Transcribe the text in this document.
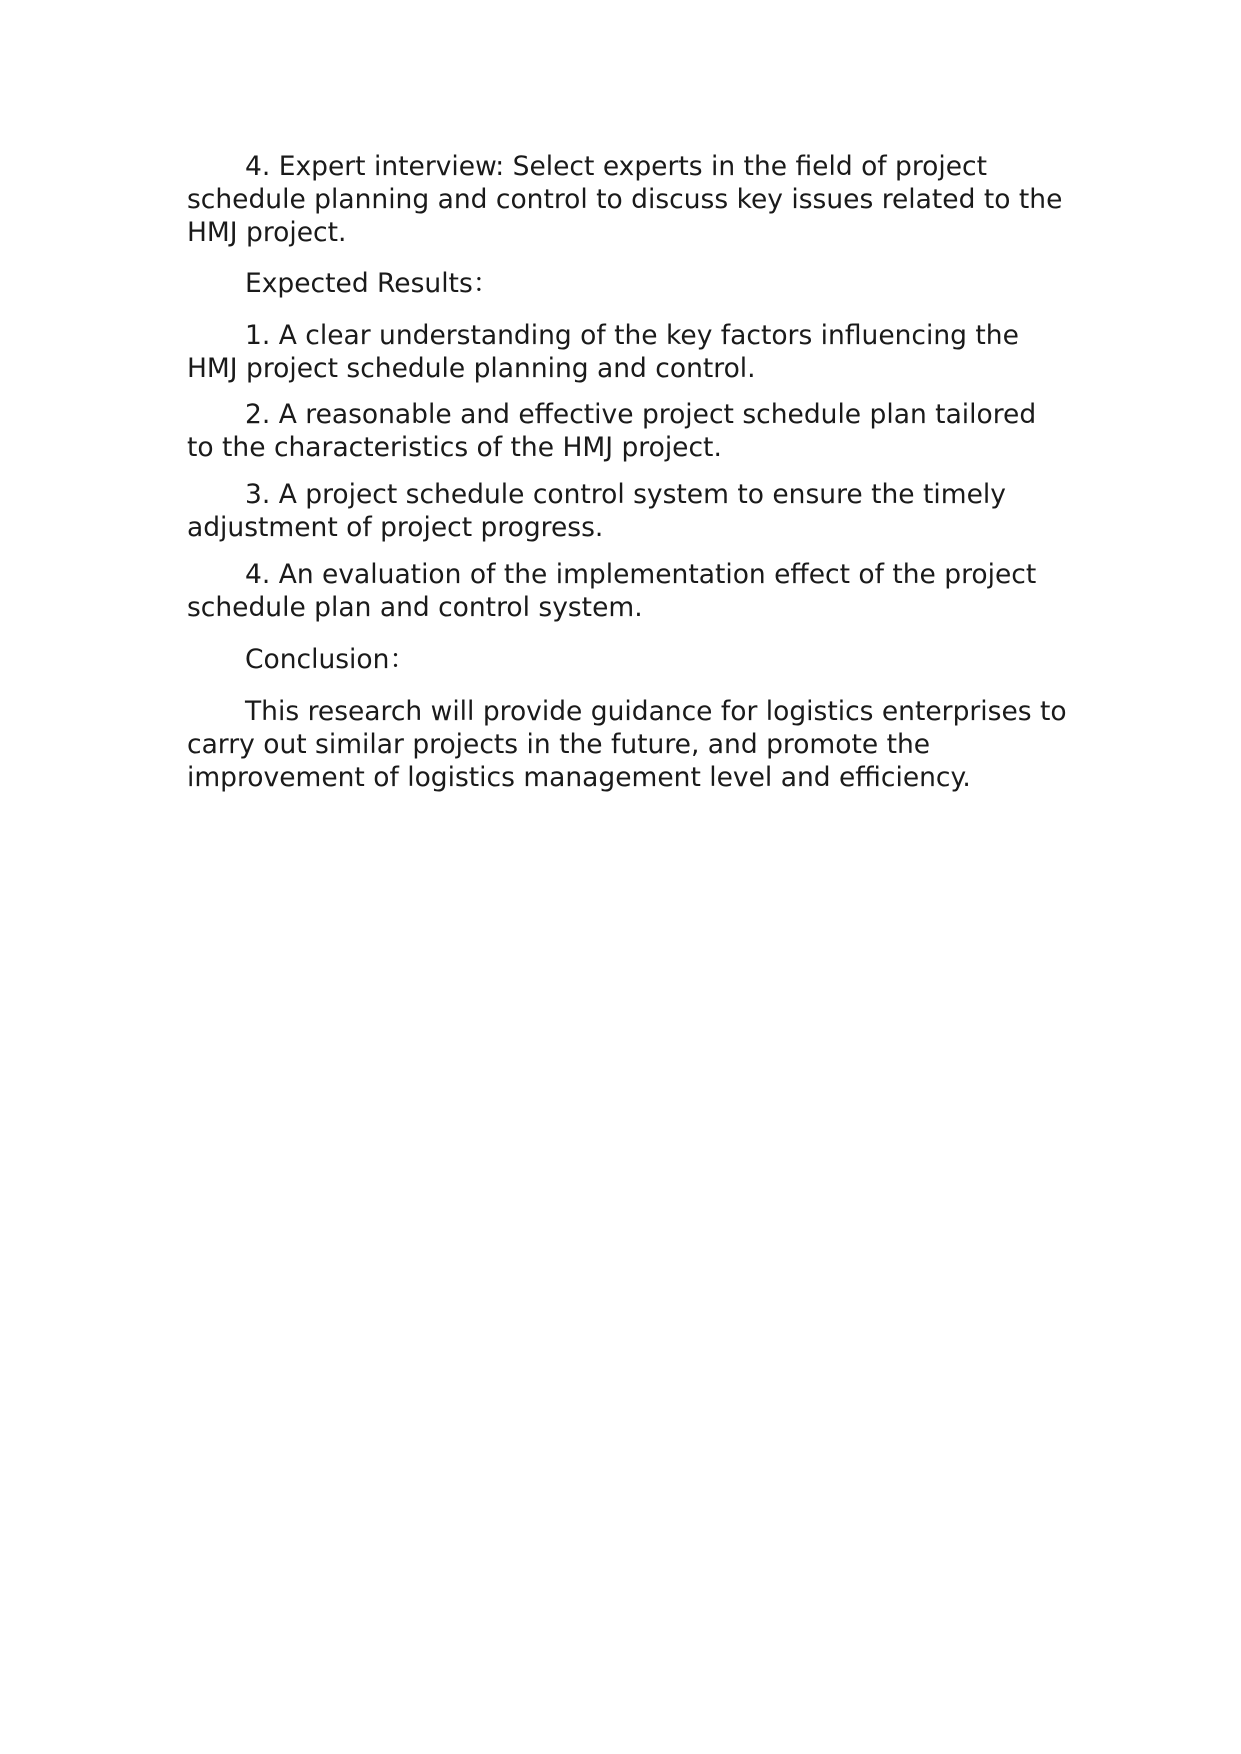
4. Expert interview: Select experts in the field of project schedule planning and control to discuss key issues related to the HMJ project.

Expected Results：

1. A clear understanding of the key factors influencing the HMJ project schedule planning and control.

2. A reasonable and effective project schedule plan tailored to the characteristics of the HMJ project.

3. A project schedule control system to ensure the timely adjustment of project progress.

4. An evaluation of the implementation effect of the project schedule plan and control system.

Conclusion：

This research will provide guidance for logistics enterprises to carry out similar projects in the future, and promote the improvement of logistics management level and efficiency.
